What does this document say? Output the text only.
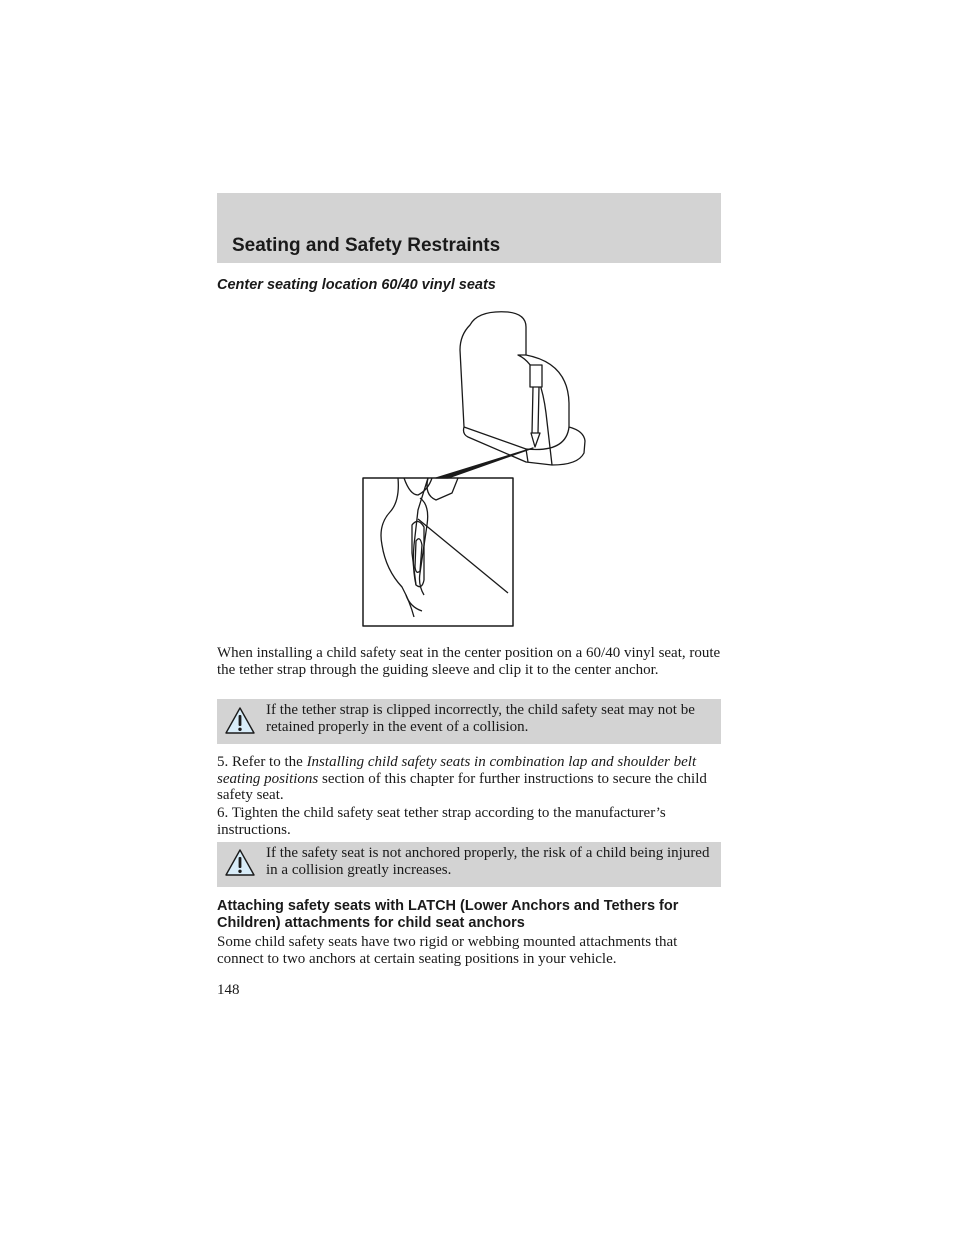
Seating and Safety Restraints
Center seating location 60/40 vinyl seats

When installing a child safety seat in the center position on a 60/40 vinyl seat, route the tether strap through the guiding sleeve and clip it to the center anchor.

If the tether strap is clipped incorrectly, the child safety seat may not be retained properly in the event of a collision.

5. Refer to the Installing child safety seats in combination lap and shoulder belt seating positions section of this chapter for further instructions to secure the child safety seat.

6. Tighten the child safety seat tether strap according to the manufacturer’s instructions.

If the safety seat is not anchored properly, the risk of a child being injured in a collision greatly increases.

Attaching safety seats with LATCH (Lower Anchors and Tethers for Children) attachments for child seat anchors

Some child safety seats have two rigid or webbing mounted attachments that connect to two anchors at certain seating positions in your vehicle.

148
